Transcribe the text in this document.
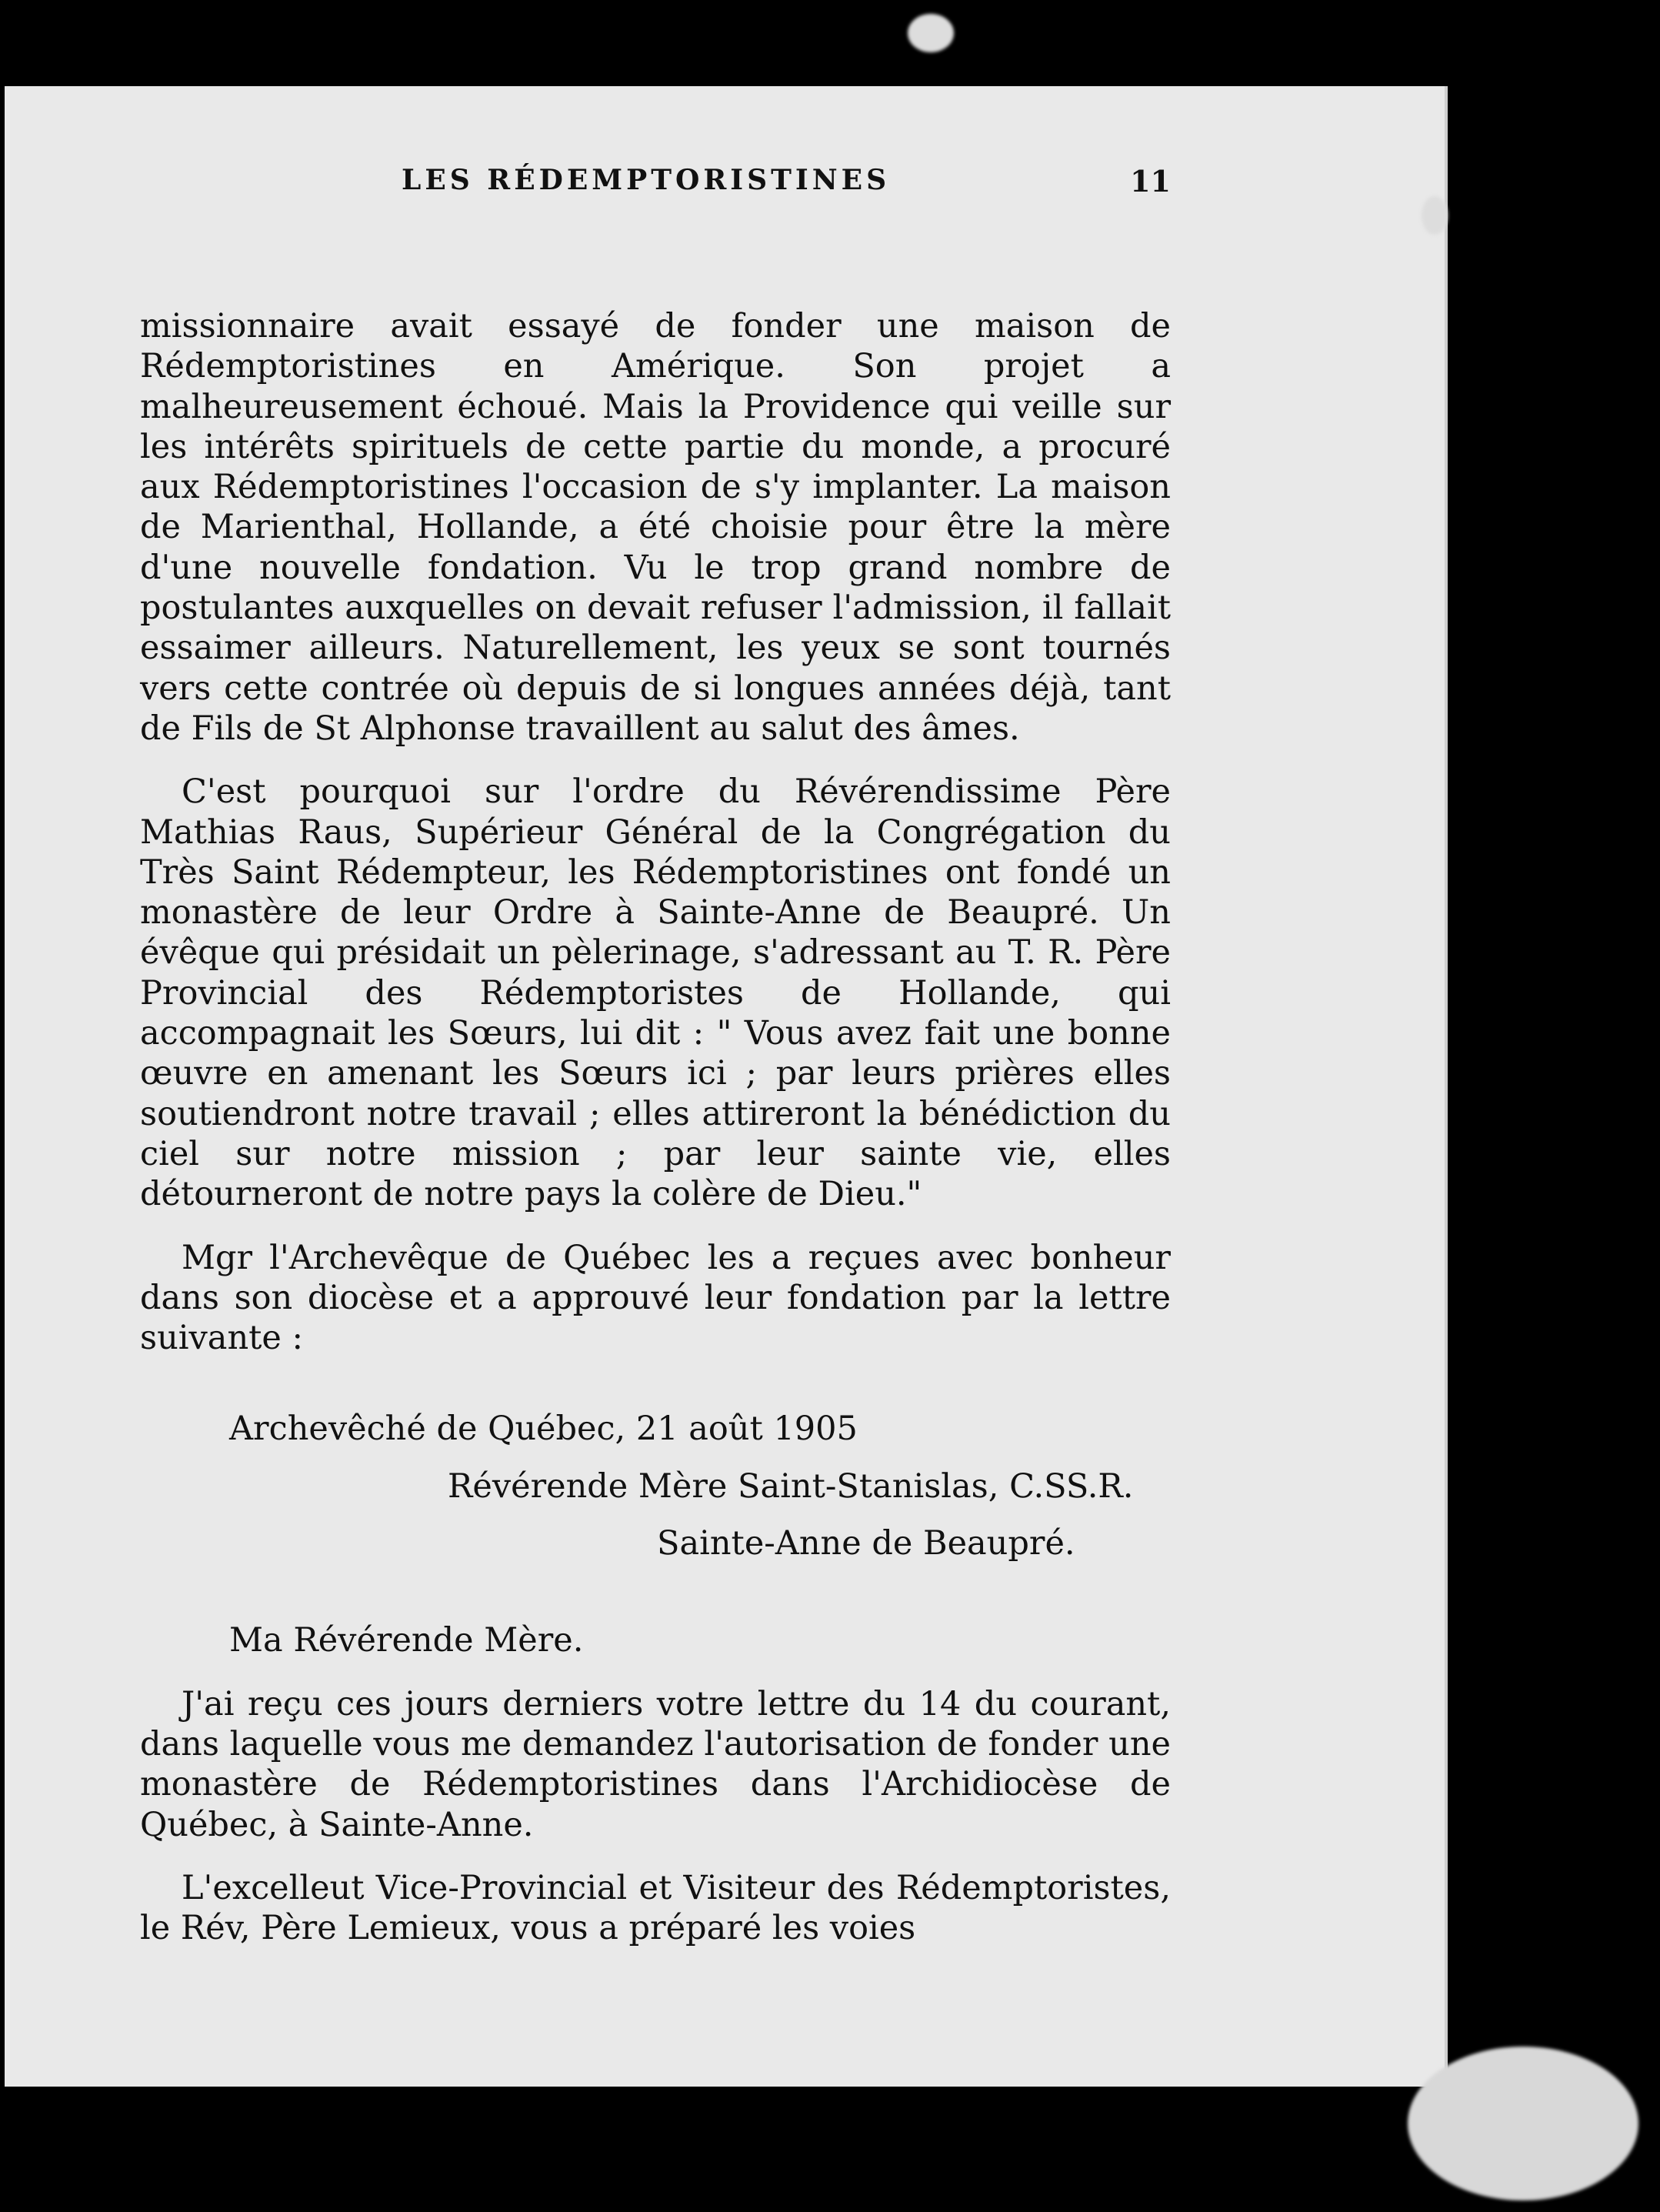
LES RÉDEMPTORISTINES	11

missionnaire avait essayé de fonder une maison de Rédemptoristines en Amérique. Son projet a malheureusement échoué. Mais la Providence qui veille sur les intérêts spirituels de cette partie du monde, a procuré aux Rédemptoristines l'occasion de s'y implanter. La maison de Marienthal, Hollande, a été choisie pour être la mère d'une nouvelle fondation. Vu le trop grand nombre de postulantes auxquelles on devait refuser l'admission, il fallait essaimer ailleurs. Naturellement, les yeux se sont tournés vers cette contrée où depuis de si longues années déjà, tant de Fils de St Alphonse travaillent au salut des âmes.

C'est pourquoi sur l'ordre du Révérendissime Père Mathias Raus, Supérieur Général de la Congrégation du Très Saint Rédempteur, les Rédemptoristines ont fondé un monastère de leur Ordre à Sainte-Anne de Beaupré. Un évêque qui présidait un pèlerinage, s'adressant au T. R. Père Provincial des Rédemptoristes de Hollande, qui accompagnait les Sœurs, lui dit : " Vous avez fait une bonne œuvre en amenant les Sœurs ici ; par leurs prières elles soutiendront notre travail ; elles attireront la bénédiction du ciel sur notre mission ; par leur sainte vie, elles détourneront de notre pays la colère de Dieu."

Mgr l'Archevêque de Québec les a reçues avec bonheur dans son diocèse et a approuvé leur fondation par la lettre suivante :

Archevêché de Québec, 21 août 1905

Révérende Mère Saint-Stanislas, C.SS.R.

Sainte-Anne de Beaupré.

Ma Révérende Mère.

J'ai reçu ces jours derniers votre lettre du 14 du courant, dans laquelle vous me demandez l'autorisation de fonder une monastère de Rédemptoristines dans l'Archidiocèse de Québec, à Sainte-Anne.

L'excelleut Vice-Provincial et Visiteur des Rédemptoristes, le Rév, Père Lemieux, vous a préparé les voies
